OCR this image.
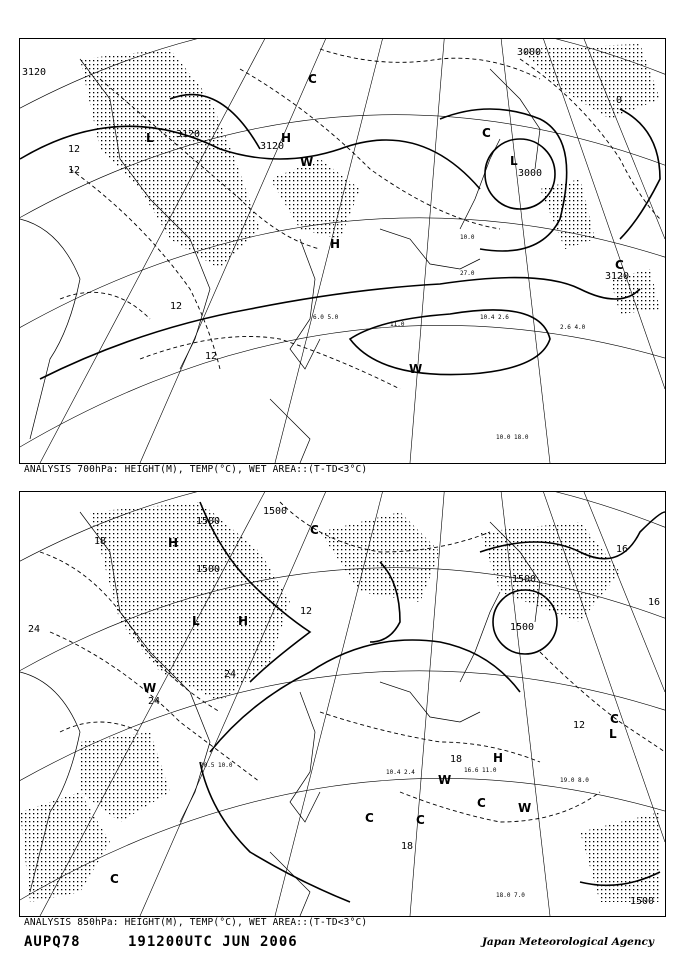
3120
3120
3120
3000
3000
3120
12
12
12
0
12
L
L
H
H
C
C
W
W
C
10.4 2.6
11.0
10.0 18.0
2.6 4.0
6.0 5.0
27.0
10.0
ANALYSIS 700hPa: HEIGHT(M), TEMP(°C), WET AREA::(T-TD<3°C)
1500
1500
1500
1500
1500
1500
18
24
24
24
12
16
18
18
16
12
H
L	H
C
C
C
W
W
H
C
L
W
C
C
10.4 2.4	16.6 11.0
19.0 8.0
18.0 7.0
20.5 10.0
ANALYSIS 850hPa: HEIGHT(M), TEMP(°C), WET AREA::(T-TD<3°C)
AUPQ78	191200UTC JUN 2006	Japan Meteorological Agency
